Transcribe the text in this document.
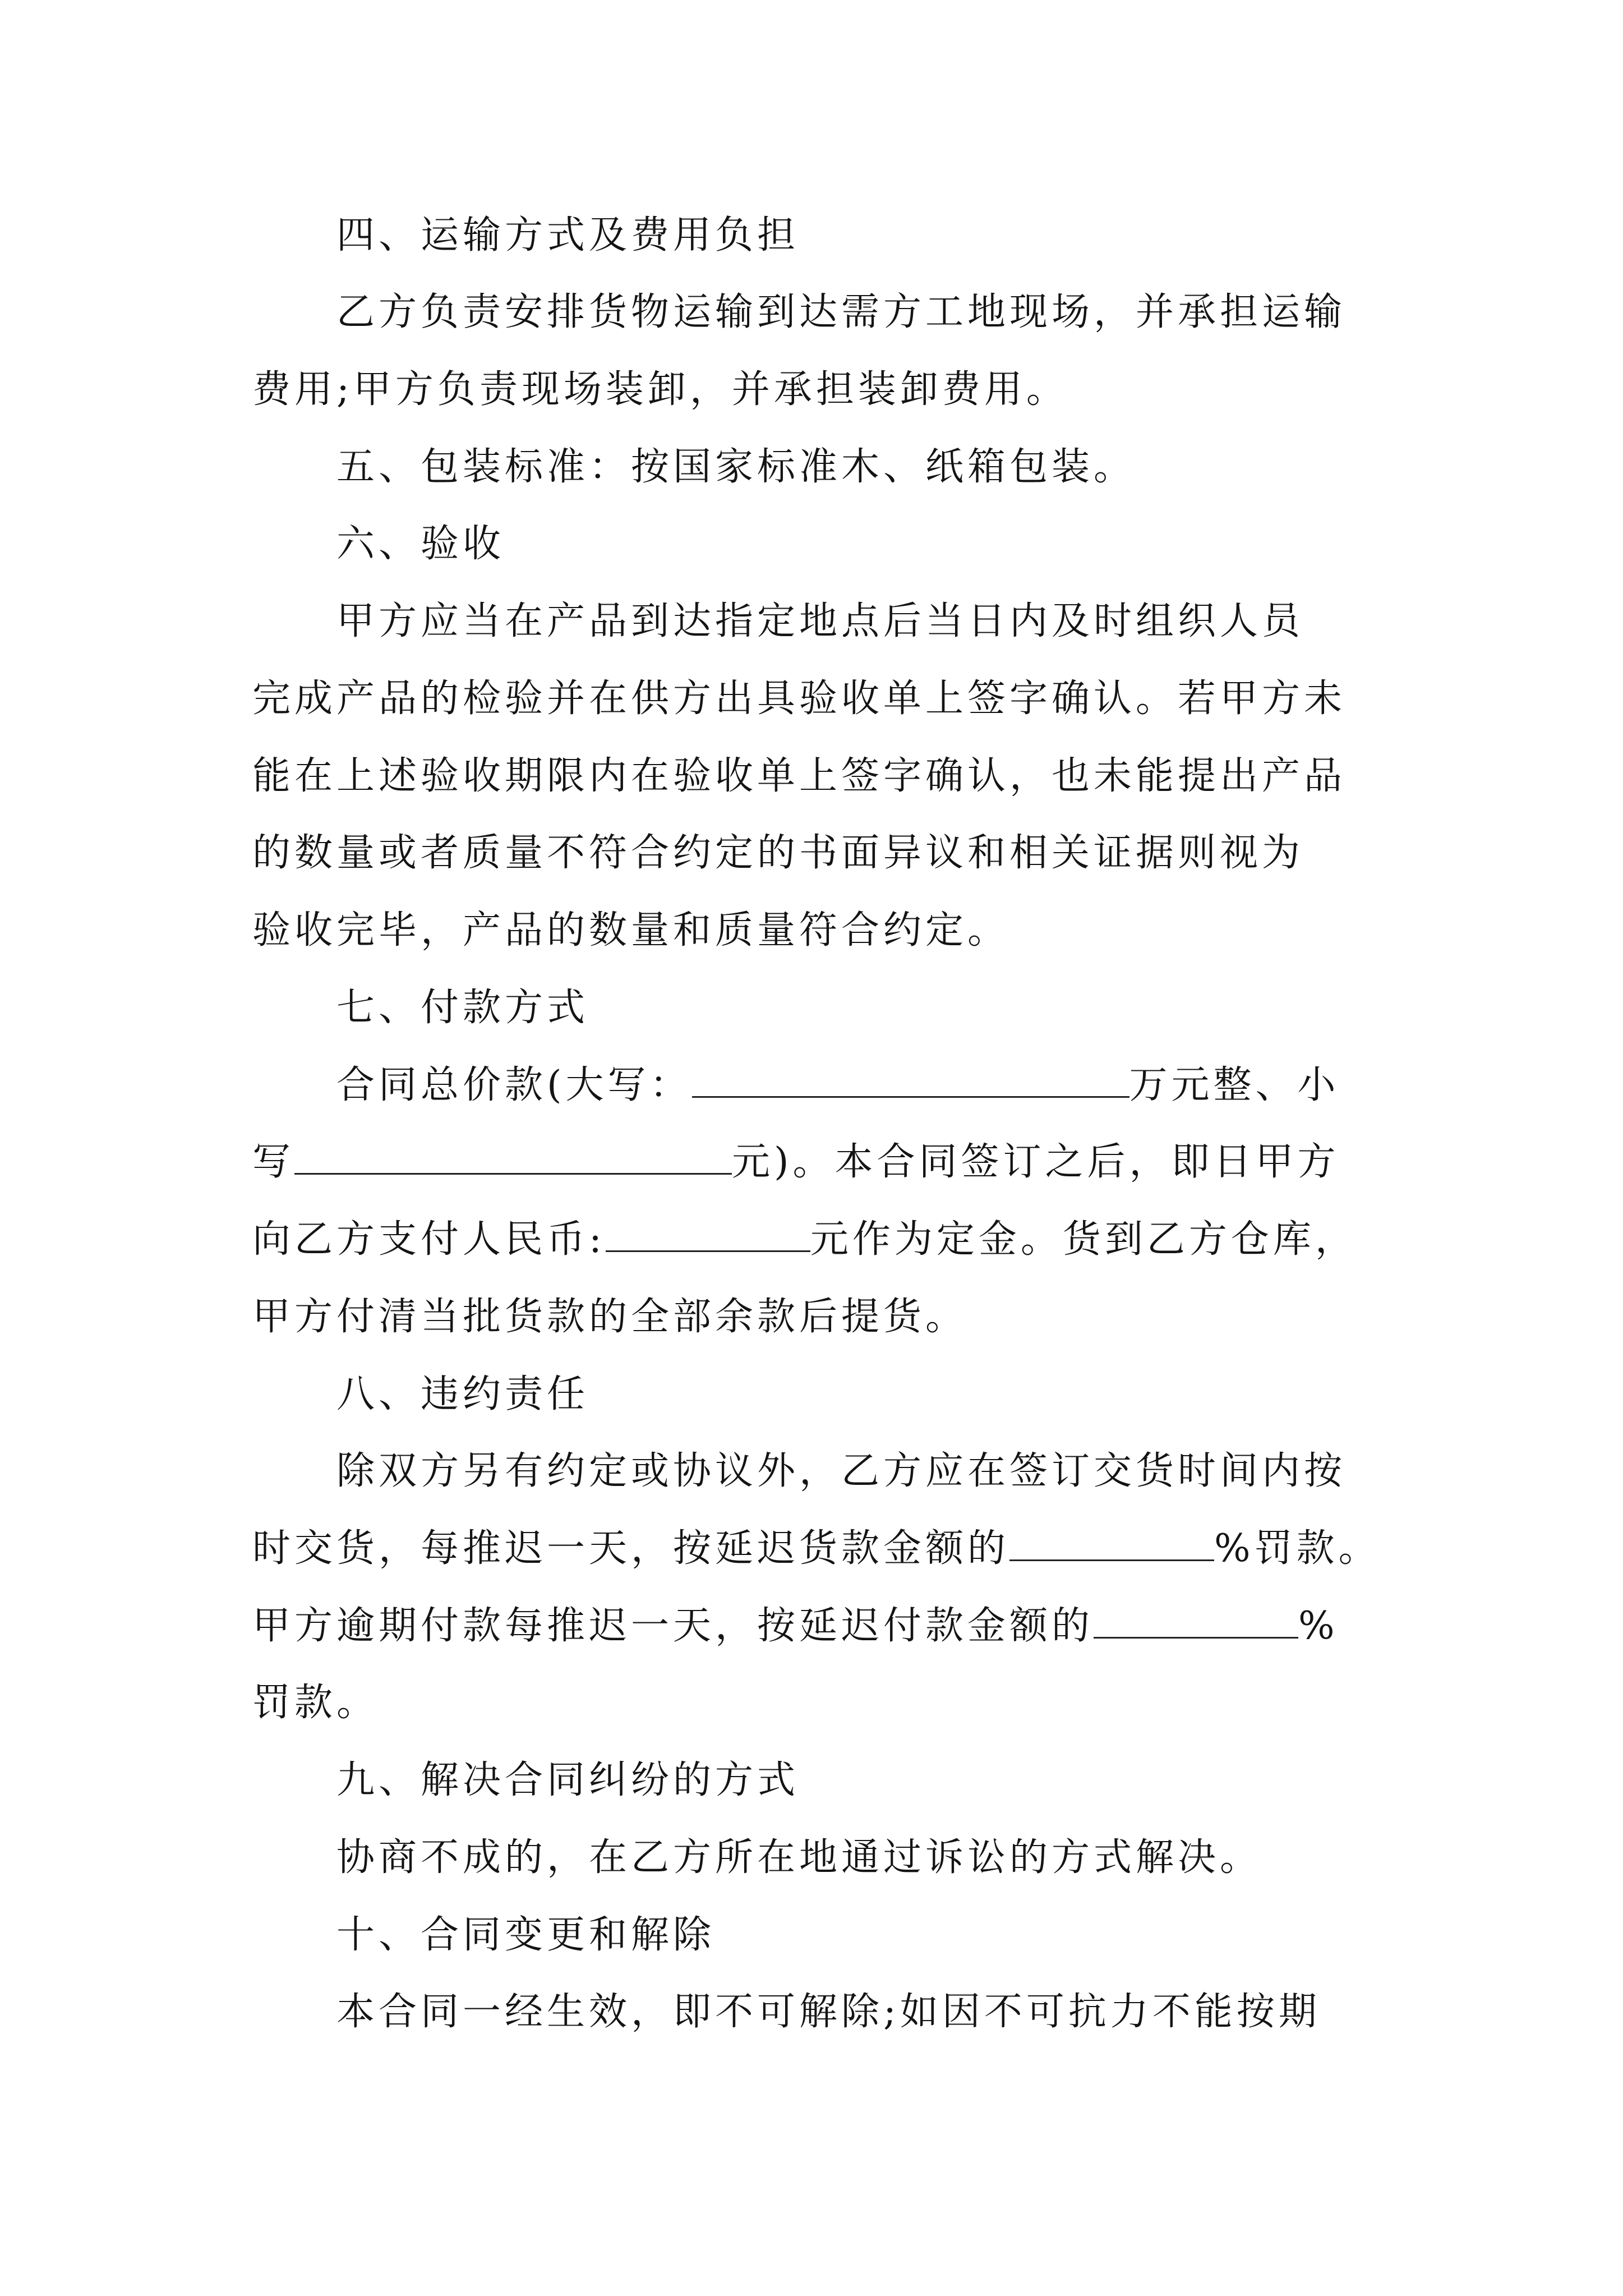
四、运输方式及费用负担
乙方负责安排货物运输到达需方工地现场，并承担运输
费用;甲方负责现场装卸，并承担装卸费用。
五、包装标准：按国家标准木、纸箱包装。
六、验收
甲方应当在产品到达指定地点后当日内及时组织人员
完成产品的检验并在供方出具验收单上签字确认。若甲方未
能在上述验收期限内在验收单上签字确认，也未能提出产品
的数量或者质量不符合约定的书面异议和相关证据则视为
验收完毕，产品的数量和质量符合约定。
七、付款方式
合同总价款(大写：	万元整、小
写	元)。本合同签订之后，即日甲方
向乙方支付人民币:	元作为定金。货到乙方仓库，
甲方付清当批货款的全部余款后提货。
八、违约责任
除双方另有约定或协议外，乙方应在签订交货时间内按
时交货，每推迟一天，按延迟货款金额的	%罚款。
甲方逾期付款每推迟一天，按延迟付款金额的	%
罚款。
九、解决合同纠纷的方式
协商不成的，在乙方所在地通过诉讼的方式解决。
十、合同变更和解除
本合同一经生效，即不可解除;如因不可抗力不能按期
